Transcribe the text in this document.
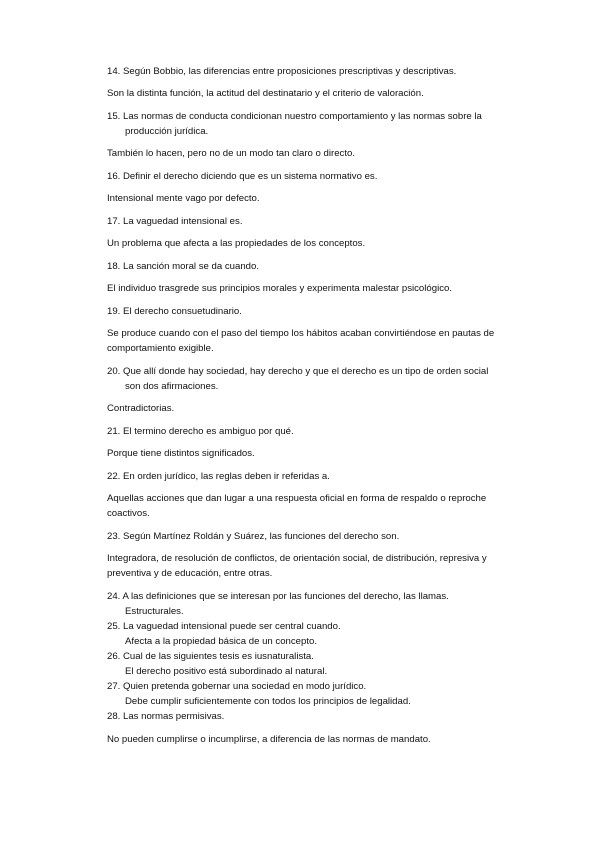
14. Según Bobbio, las diferencias entre proposiciones prescriptivas y descriptivas.

Son la distinta función, la actitud del destinatario y el criterio de valoración.

15. Las normas de conducta condicionan nuestro comportamiento y las normas sobre la

producción jurídica.

También lo hacen, pero no de un modo tan claro o directo.

16. Definir el derecho diciendo que es un sistema normativo es.

Intensional mente vago por defecto.

17. La vaguedad intensional es.

Un problema que afecta a las propiedades de los conceptos.

18. La sanción moral se da cuando.

El individuo trasgrede sus principios morales y experimenta malestar psicológico.

19. El derecho consuetudinario.

Se produce cuando con el paso del tiempo los hábitos acaban convirtiéndose en pautas de

comportamiento exigible.

20. Que allí donde hay sociedad, hay derecho y que el derecho es un tipo de orden social

son dos afirmaciones.

Contradictorias.

21. El termino derecho es ambiguo por qué.

Porque tiene distintos significados.

22. En orden jurídico, las reglas deben ir referidas a.

Aquellas acciones que dan lugar a una respuesta oficial en forma de respaldo o reproche

coactivos.

23. Según Martínez Roldán y Suárez, las funciones del derecho son.

Integradora, de resolución de conflictos, de orientación social, de distribución, represiva y

preventiva y de educación, entre otras.

24. A las definiciones que se interesan por las funciones del derecho, las llamas.

Estructurales.

25. La vaguedad intensional puede ser central cuando.

Afecta a la propiedad básica de un concepto.

26. Cual de las siguientes tesis es iusnaturalista.

El derecho positivo está subordinado al natural.

27. Quien pretenda gobernar una sociedad en modo jurídico.

Debe cumplir suficientemente con todos los principios de legalidad.

28. Las normas permisivas.

No pueden cumplirse o incumplirse, a diferencia de las normas de mandato.
